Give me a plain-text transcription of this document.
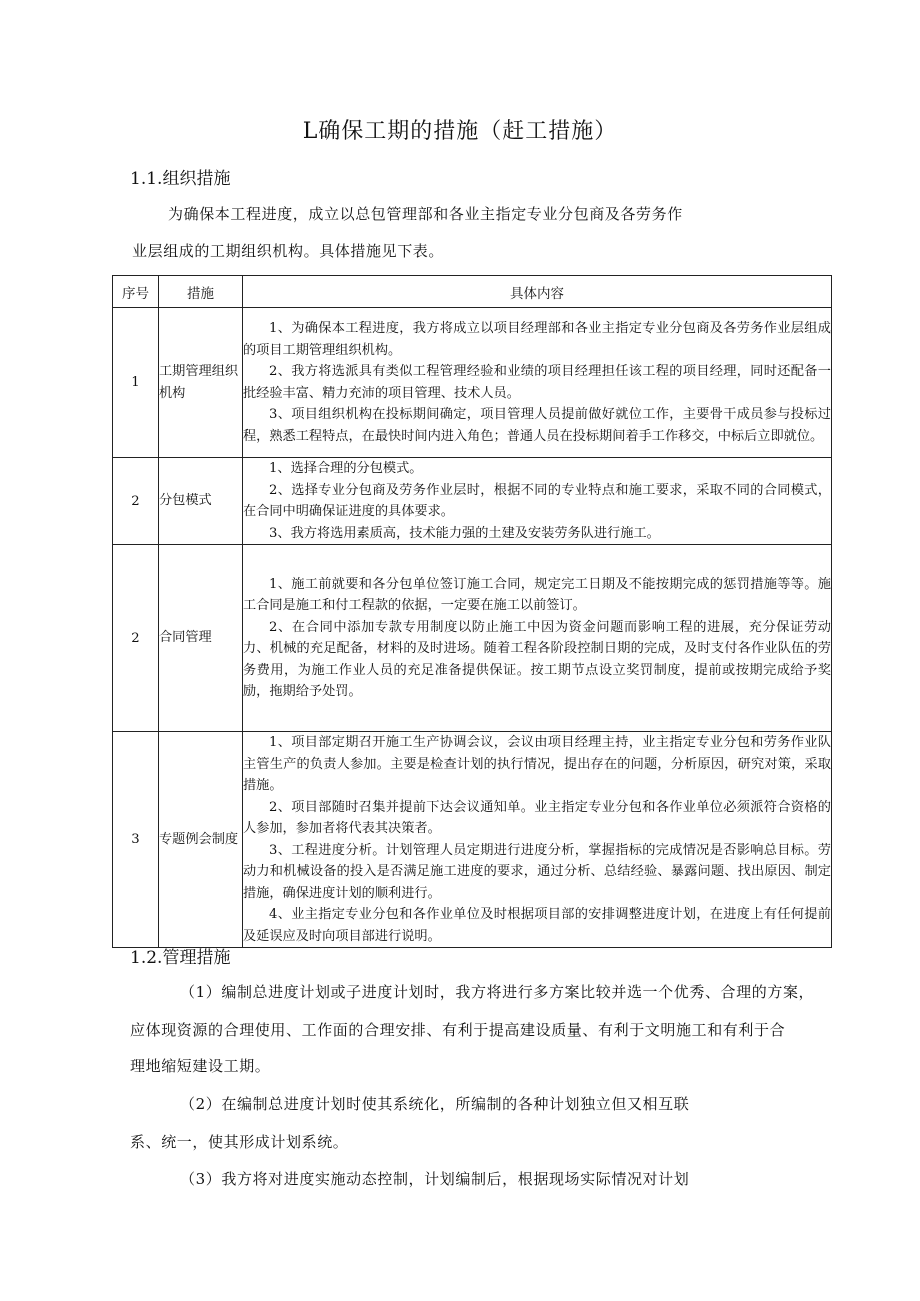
L确保工期的措施（赶工措施）
1.1.组织措施
为确保本工程进度，成立以总包管理部和各业主指定专业分包商及各劳务作
业层组成的工期组织机构。具体措施见下表。
序号	措施	具体内容
1	工期管理组织机构	1、为确保本工程进度，我方将成立以项目经理部和各业主指定专业分包商及各劳务作业层组成的项目工期管理组织机构。
2、我方将选派具有类似工程管理经验和业绩的项目经理担任该工程的项目经理，同时还配备一批经验丰富、精力充沛的项目管理、技术人员。
3、项目组织机构在投标期间确定，项目管理人员提前做好就位工作，主要骨干成员参与投标过程，熟悉工程特点，在最快时间内进入角色；普通人员在投标期间着手工作移交，中标后立即就位。

2	分包模式	1、选择合理的分包模式。
2、选择专业分包商及劳务作业层时，根据不同的专业特点和施工要求，采取不同的合同模式，在合同中明确保证进度的具体要求。
3、我方将选用素质高，技术能力强的土建及安装劳务队进行施工。

2	合同管理	1、施工前就要和各分包单位签订施工合同，规定完工日期及不能按期完成的惩罚措施等等。施工合同是施工和付工程款的依据，一定要在施工以前签订。
2、在合同中添加专款专用制度以防止施工中因为资金问题而影响工程的进展，充分保证劳动力、机械的充足配备，材料的及时进场。随着工程各阶段控制日期的完成，及时支付各作业队伍的劳务费用，为施工作业人员的充足准备提供保证。按工期节点设立奖罚制度，提前或按期完成给予奖励，拖期给予处罚。

3	专题例会制度	1、项目部定期召开施工生产协调会议，会议由项目经理主持，业主指定专业分包和劳务作业队主管生产的负责人参加。主要是检查计划的执行情况，提出存在的问题，分析原因，研究对策，采取措施。
2、项目部随时召集并提前下达会议通知单。业主指定专业分包和各作业单位必须派符合资格的人参加，参加者将代表其决策者。
3、工程进度分析。计划管理人员定期进行进度分析，掌握指标的完成情况是否影响总目标。劳动力和机械设备的投入是否满足施工进度的要求，通过分析、总结经验、暴露问题、找出原因、制定措施，确保进度计划的顺利进行。
4、业主指定专业分包和各作业单位及时根据项目部的安排调整进度计划，在进度上有任何提前及延误应及时向项目部进行说明。
1.2.管理措施
（1）编制总进度计划或子进度计划时，我方将进行多方案比较并选一个优秀、合理的方案，
应体现资源的合理使用、工作面的合理安排、有利于提高建设质量、有利于文明施工和有利于合
理地缩短建设工期。
（2）在编制总进度计划时使其系统化，所编制的各种计划独立但又相互联
系、统一，使其形成计划系统。
（3）我方将对进度实施动态控制，计划编制后，根据现场实际情况对计划
